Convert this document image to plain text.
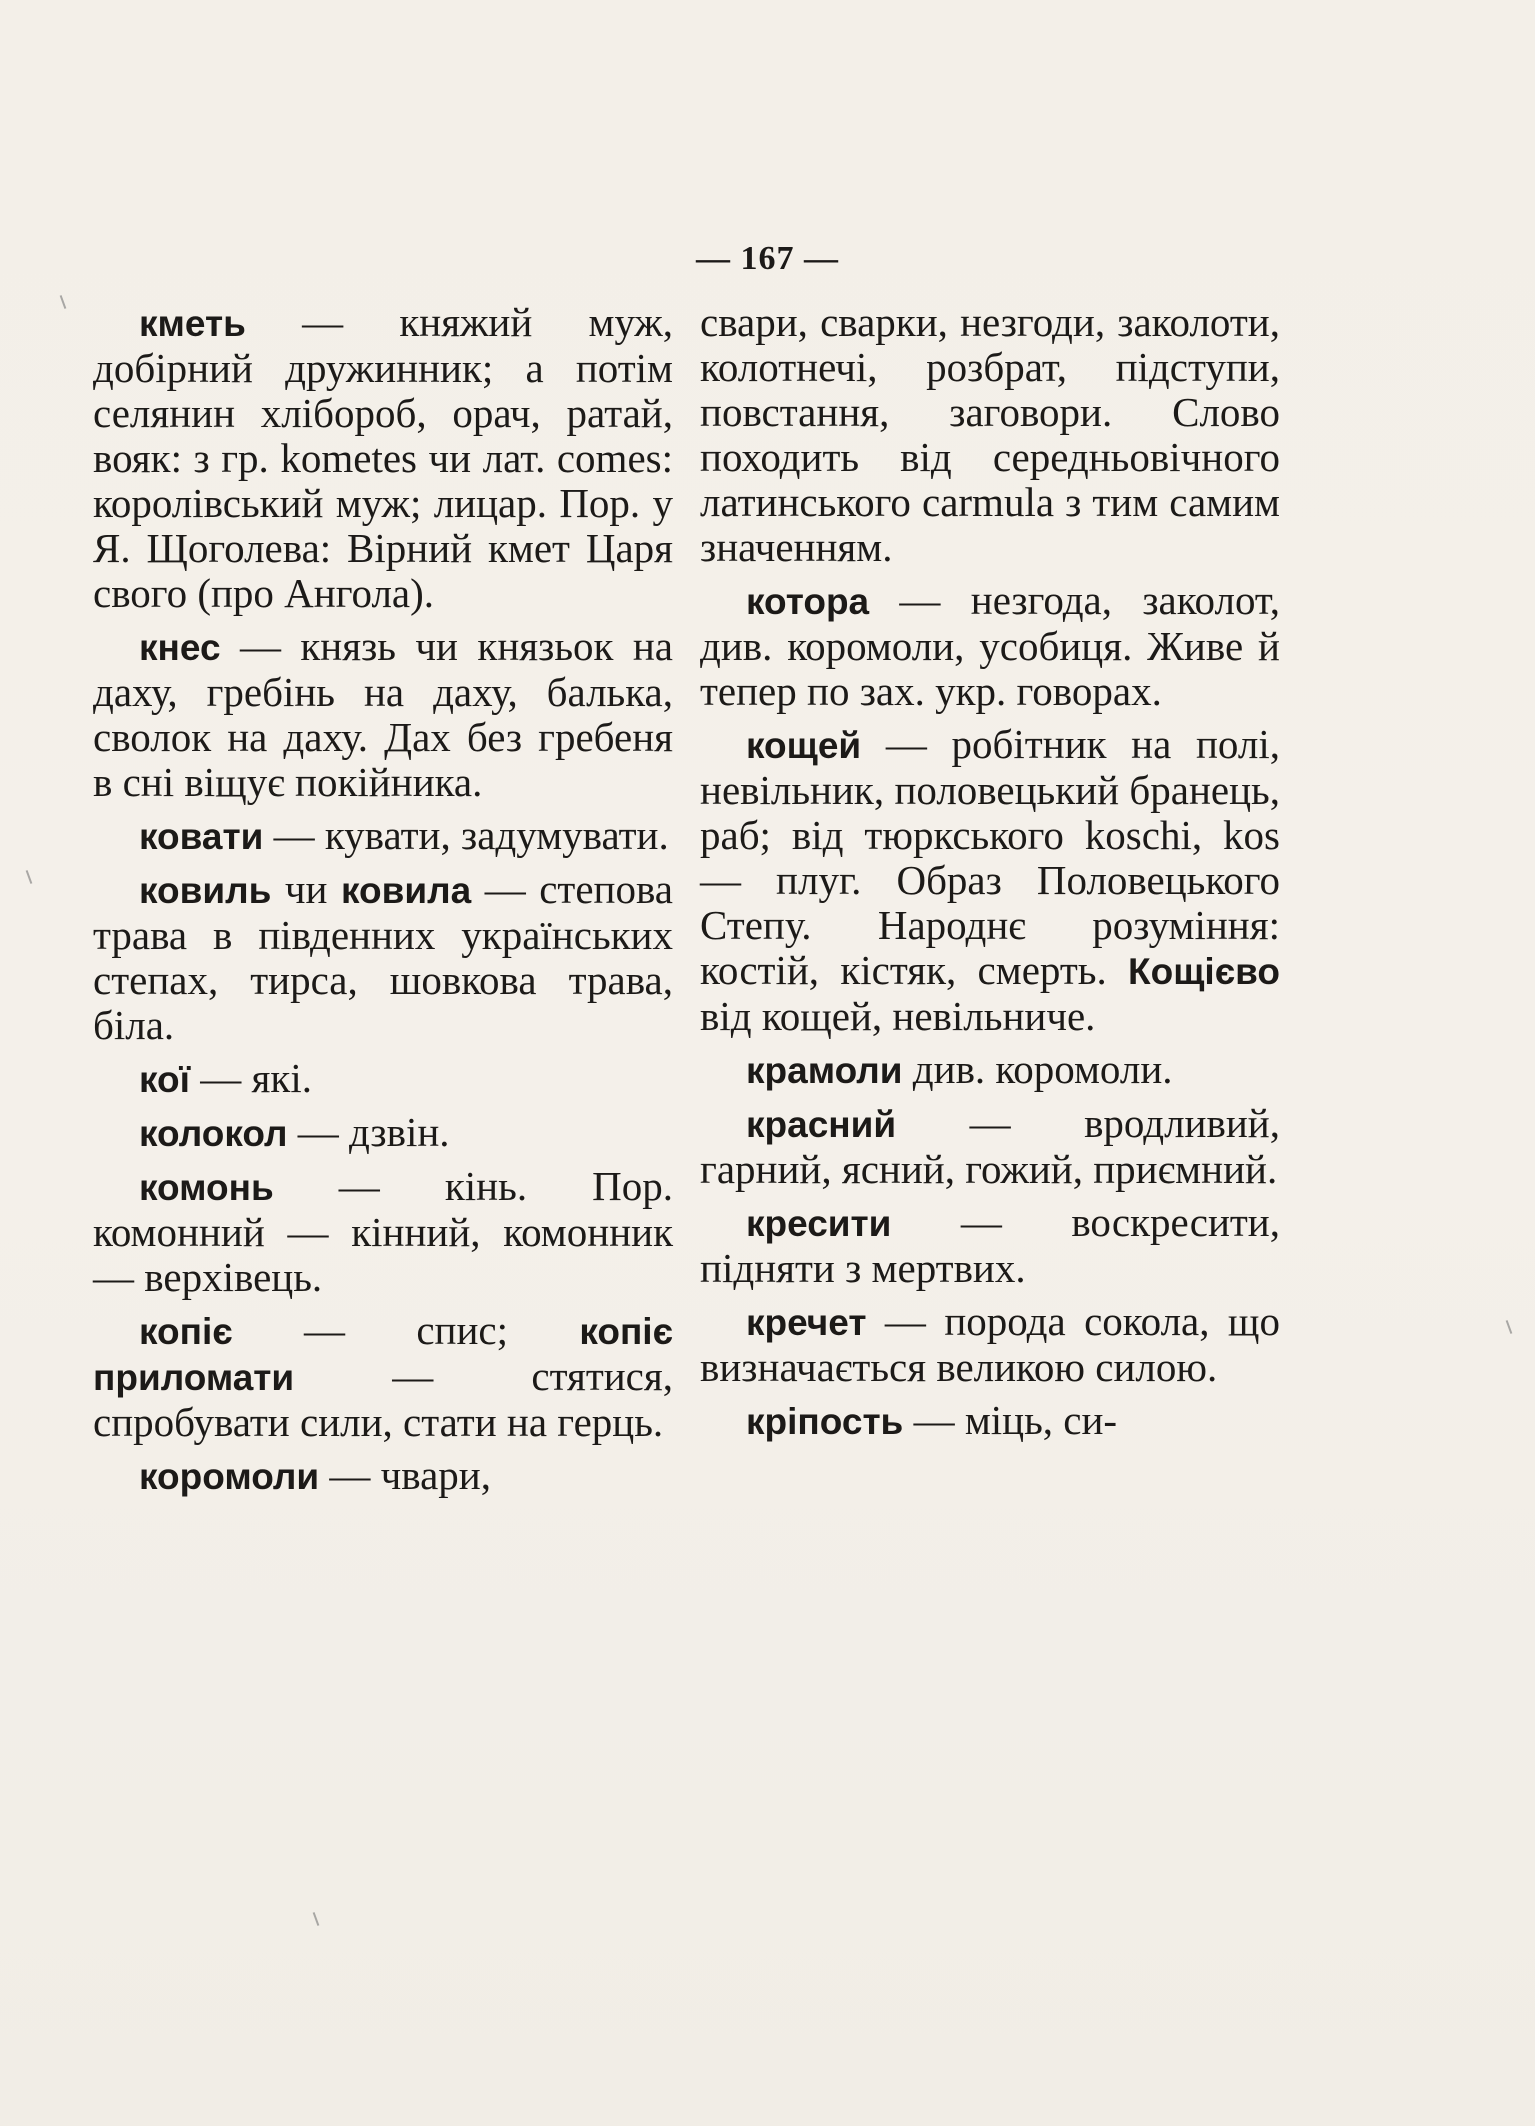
— 167 —

кметь — княжий муж, добірний дружинник; а потім селянин хлібороб, орач, ратай, вояк: з гр. kometes чи лат. comes: королівський муж; лицар. Пор. у Я. Щоголева: Вірний кмет Царя свого (про Ангола).

кнес — князь чи князьок на даху, гребінь на даху, балька, сволок на даху. Дах без гребеня в сні віщує покійника.

ковати — кувати, задумувати.

ковиль чи ковила — степова трава в південних українських степах, тирса, шовкова трава, біла.

кої — які.

колокол — дзвін.

комонь — кінь. Пор. комонний — кінний, комонник — верхівець.

копіє — спис; копіє приломати — стятися, спробувати сили, стати на герць.

коромоли — чвари,

свари, сварки, незгоди, заколоти, колотнечі, розбрат, підступи, повстання, заговори. Слово походить від середньовічного латинського carmula з тим самим значенням.

котора — незгода, заколот, див. коромоли, усобиця. Живе й тепер по зах. укр. говорах.

кощей — робітник на полі, невільник, половецький бранець, раб; від тюркського koschi, kos — плуг. Образ Половецького Степу. Народнє розуміння: костій, кістяк, смерть. Кощієво від кощей, невільниче.

крамоли див. коромоли.

красний — вродливий, гарний, ясний, гожий, приємний.

кресити — воскресити, підняти з мертвих.

кречет — порода сокола, що визначається великою силою.

кріпость — міць, си-
